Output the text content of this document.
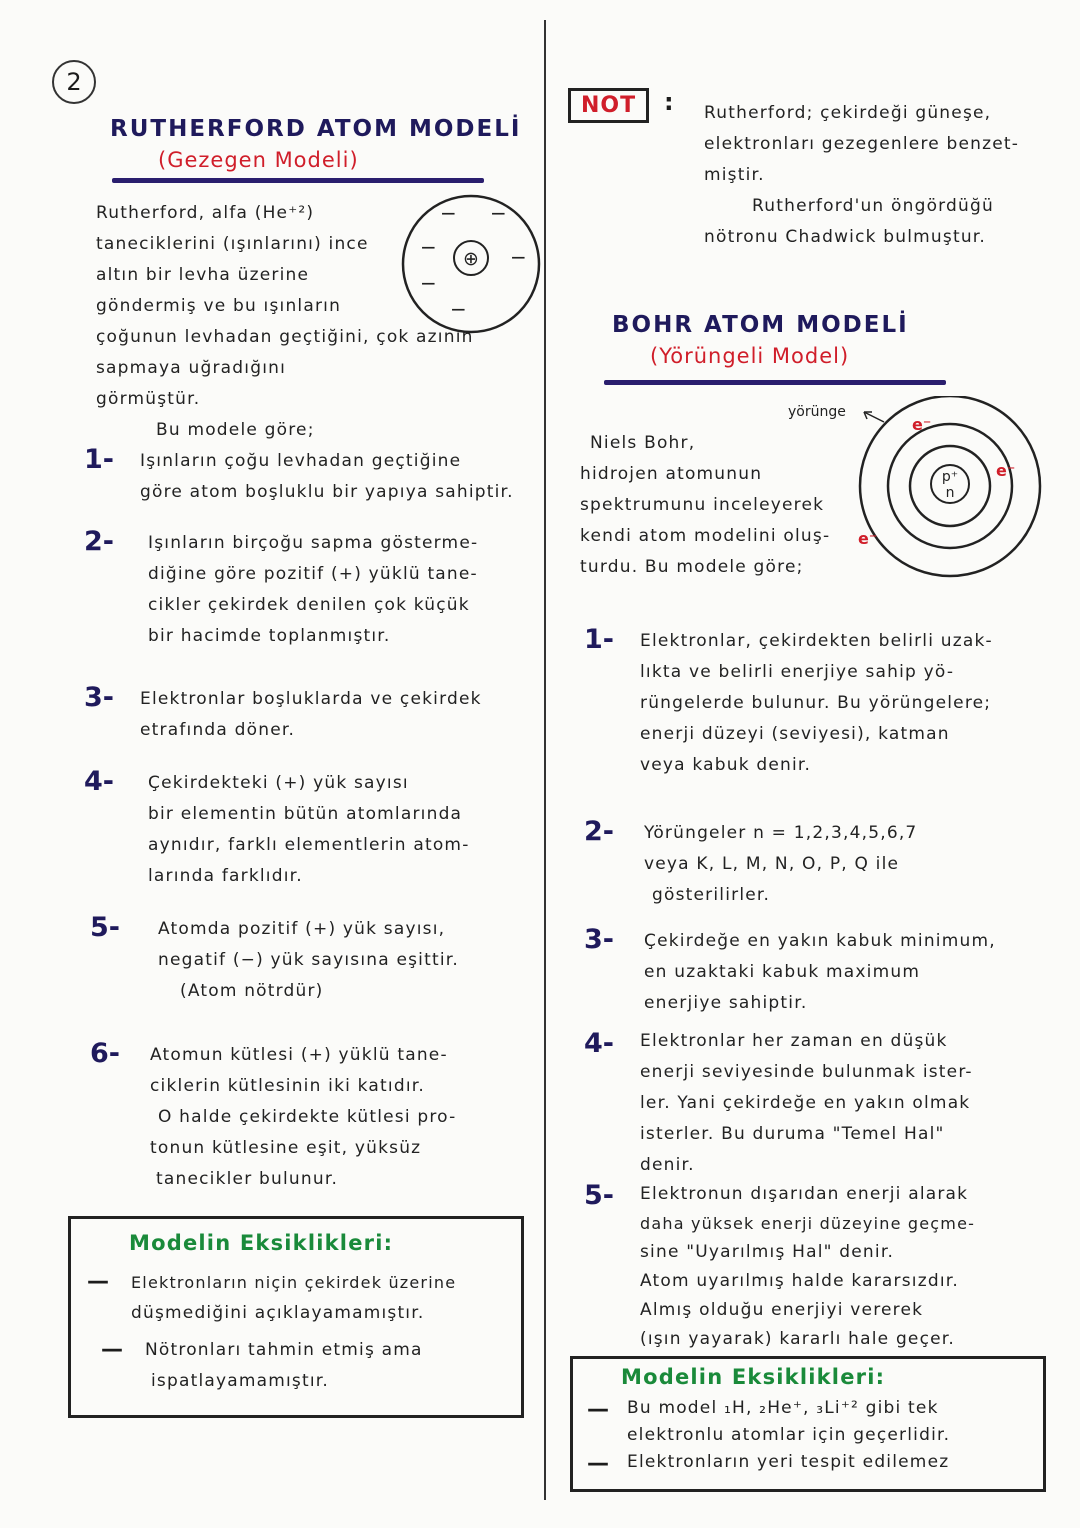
2
RUTHERFORD ATOM MODELİ
(Gezegen Modeli)

Rutherford, alfa (He⁺²)

taneciklerini (ışınlarını) ince

altın bir levha üzerine

göndermiş ve bu ışınların

çoğunun levhadan geçtiğini, çok azının

sapmaya uğradığını görmüştür.

Bu modele göre;

⊕
− −
−	−
−
−
1- Işınların çoğu levhadan geçtiğine

göre atom boşluklu bir yapıya sahiptir.

2- Işınların birçoğu sapma gösterme-

diğine göre pozitif (+) yüklü tane-

cikler çekirdek denilen çok küçük

bir hacimde toplanmıştır.

3- Elektronlar boşluklarda ve çekirdek

etrafında döner.

4- Çekirdekteki (+) yük sayısı

bir elementin bütün atomlarında

aynıdır, farklı elementlerin atom-

larında farklıdır.

5- Atomda pozitif (+) yük sayısı,

negatif (−) yük sayısına eşittir.

(Atom nötrdür)

6- Atomun kütlesi (+) yüklü tane-

ciklerin kütlesinin iki katıdır.

O halde çekirdekte kütlesi pro-

tonun kütlesine eşit, yüksüz

tanecikler bulunur.

Modelin Eksiklikleri:
— Elektronların niçin çekirdek üzerine

düşmediğini açıklayamamıştır.

— Nötronları tahmin etmiş ama

ispatlayamamıştır.

NOT	: Rutherford; çekirdeği güneşe,

elektronları gezegenlere benzet-

miştir.

Rutherford'un öngördüğü

nötronu Chadwick bulmuştur.

BOHR ATOM MODELİ
(Yörüngeli Model)

Niels Bohr,

hidrojen atomunun

spektrumunu inceleyerek

kendi atom modelini oluş-

turdu. Bu modele göre;

yörünge
p⁺
n
e⁻
e⁻
e⁻
1- Elektronlar, çekirdekten belirli uzak-

lıkta ve belirli enerjiye sahip yö-

rüngelerde bulunur. Bu yörüngelere;

enerji düzeyi (seviyesi), katman

veya kabuk denir.

2- Yörüngeler n = 1,2,3,4,5,6,7

veya K, L, M, N, O, P, Q ile

gösterilirler.

3- Çekirdeğe en yakın kabuk minimum,

en uzaktaki kabuk maximum

enerjiye sahiptir.

4- Elektronlar her zaman en düşük

enerji seviyesinde bulunmak ister-

ler. Yani çekirdeğe en yakın olmak

isterler. Bu duruma "Temel Hal"

denir.

5- Elektronun dışarıdan enerji alarak

daha yüksek enerji düzeyine geçme-

sine "Uyarılmış Hal" denir.

Atom uyarılmış halde kararsızdır.

Almış olduğu enerjiyi vererek

(ışın yayarak) kararlı hale geçer.

Modelin Eksiklikleri:
— Bu model ₁H, ₂He⁺, ₃Li⁺² gibi tek

elektronlu atomlar için geçerlidir.

— Elektronların yeri tespit edilemez
